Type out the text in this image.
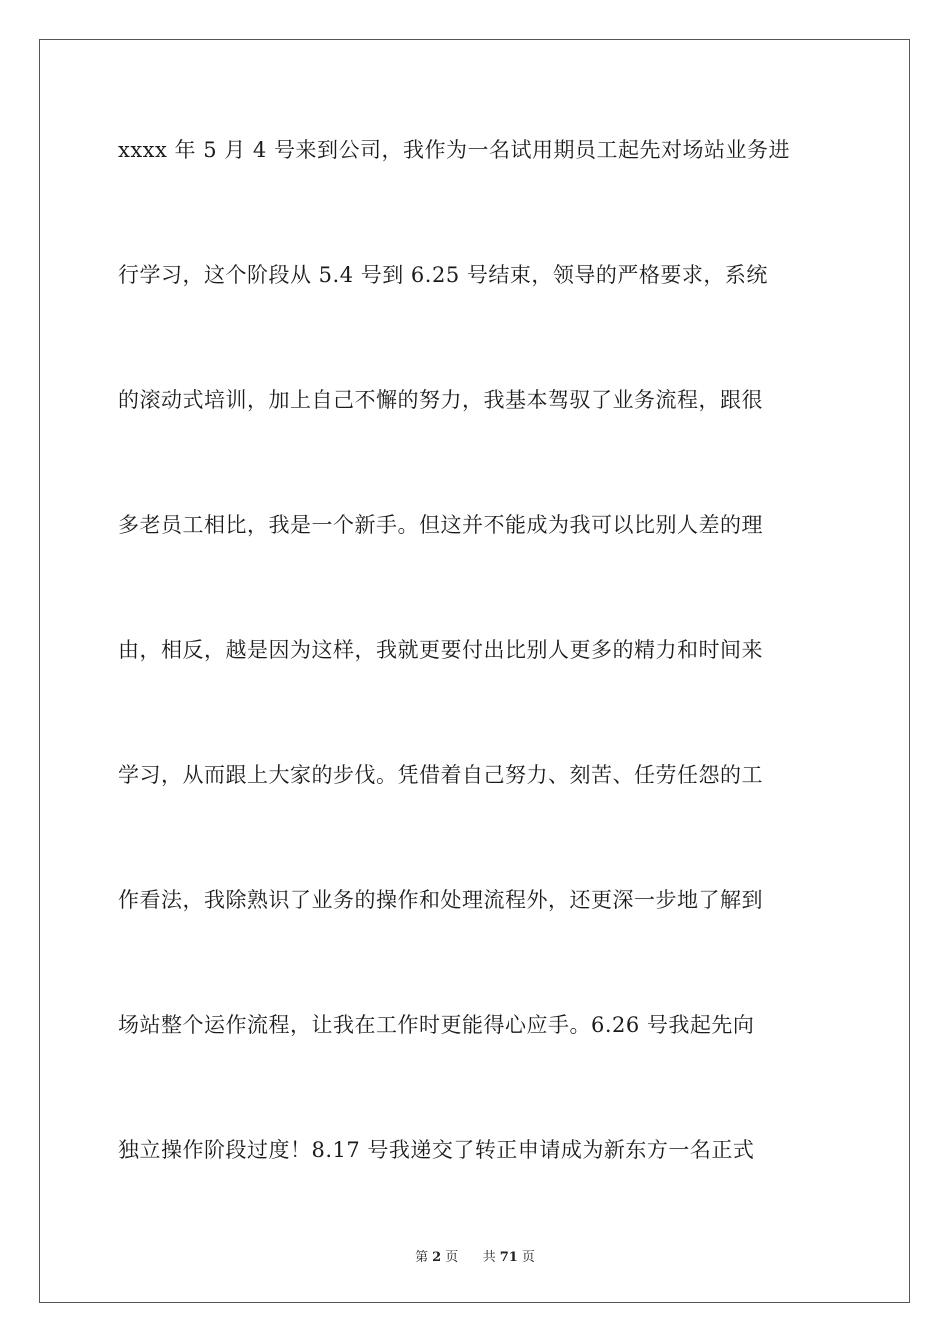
xxxx 年 5 月 4 号来到公司，我作为一名试用期员工起先对场站业务进
行学习，这个阶段从 5.4 号到 6.25 号结束，领导的严格要求，系统
的滚动式培训，加上自己不懈的努力，我基本驾驭了业务流程，跟很
多老员工相比，我是一个新手。但这并不能成为我可以比别人差的理
由，相反，越是因为这样，我就更要付出比别人更多的精力和时间来
学习，从而跟上大家的步伐。凭借着自己努力、刻苦、任劳任怨的工
作看法，我除熟识了业务的操作和处理流程外，还更深一步地了解到
场站整个运作流程，让我在工作时更能得心应手。6.26 号我起先向
独立操作阶段过度！8.17 号我递交了转正申请成为新东方一名正式
第 2 页 共 71 页
